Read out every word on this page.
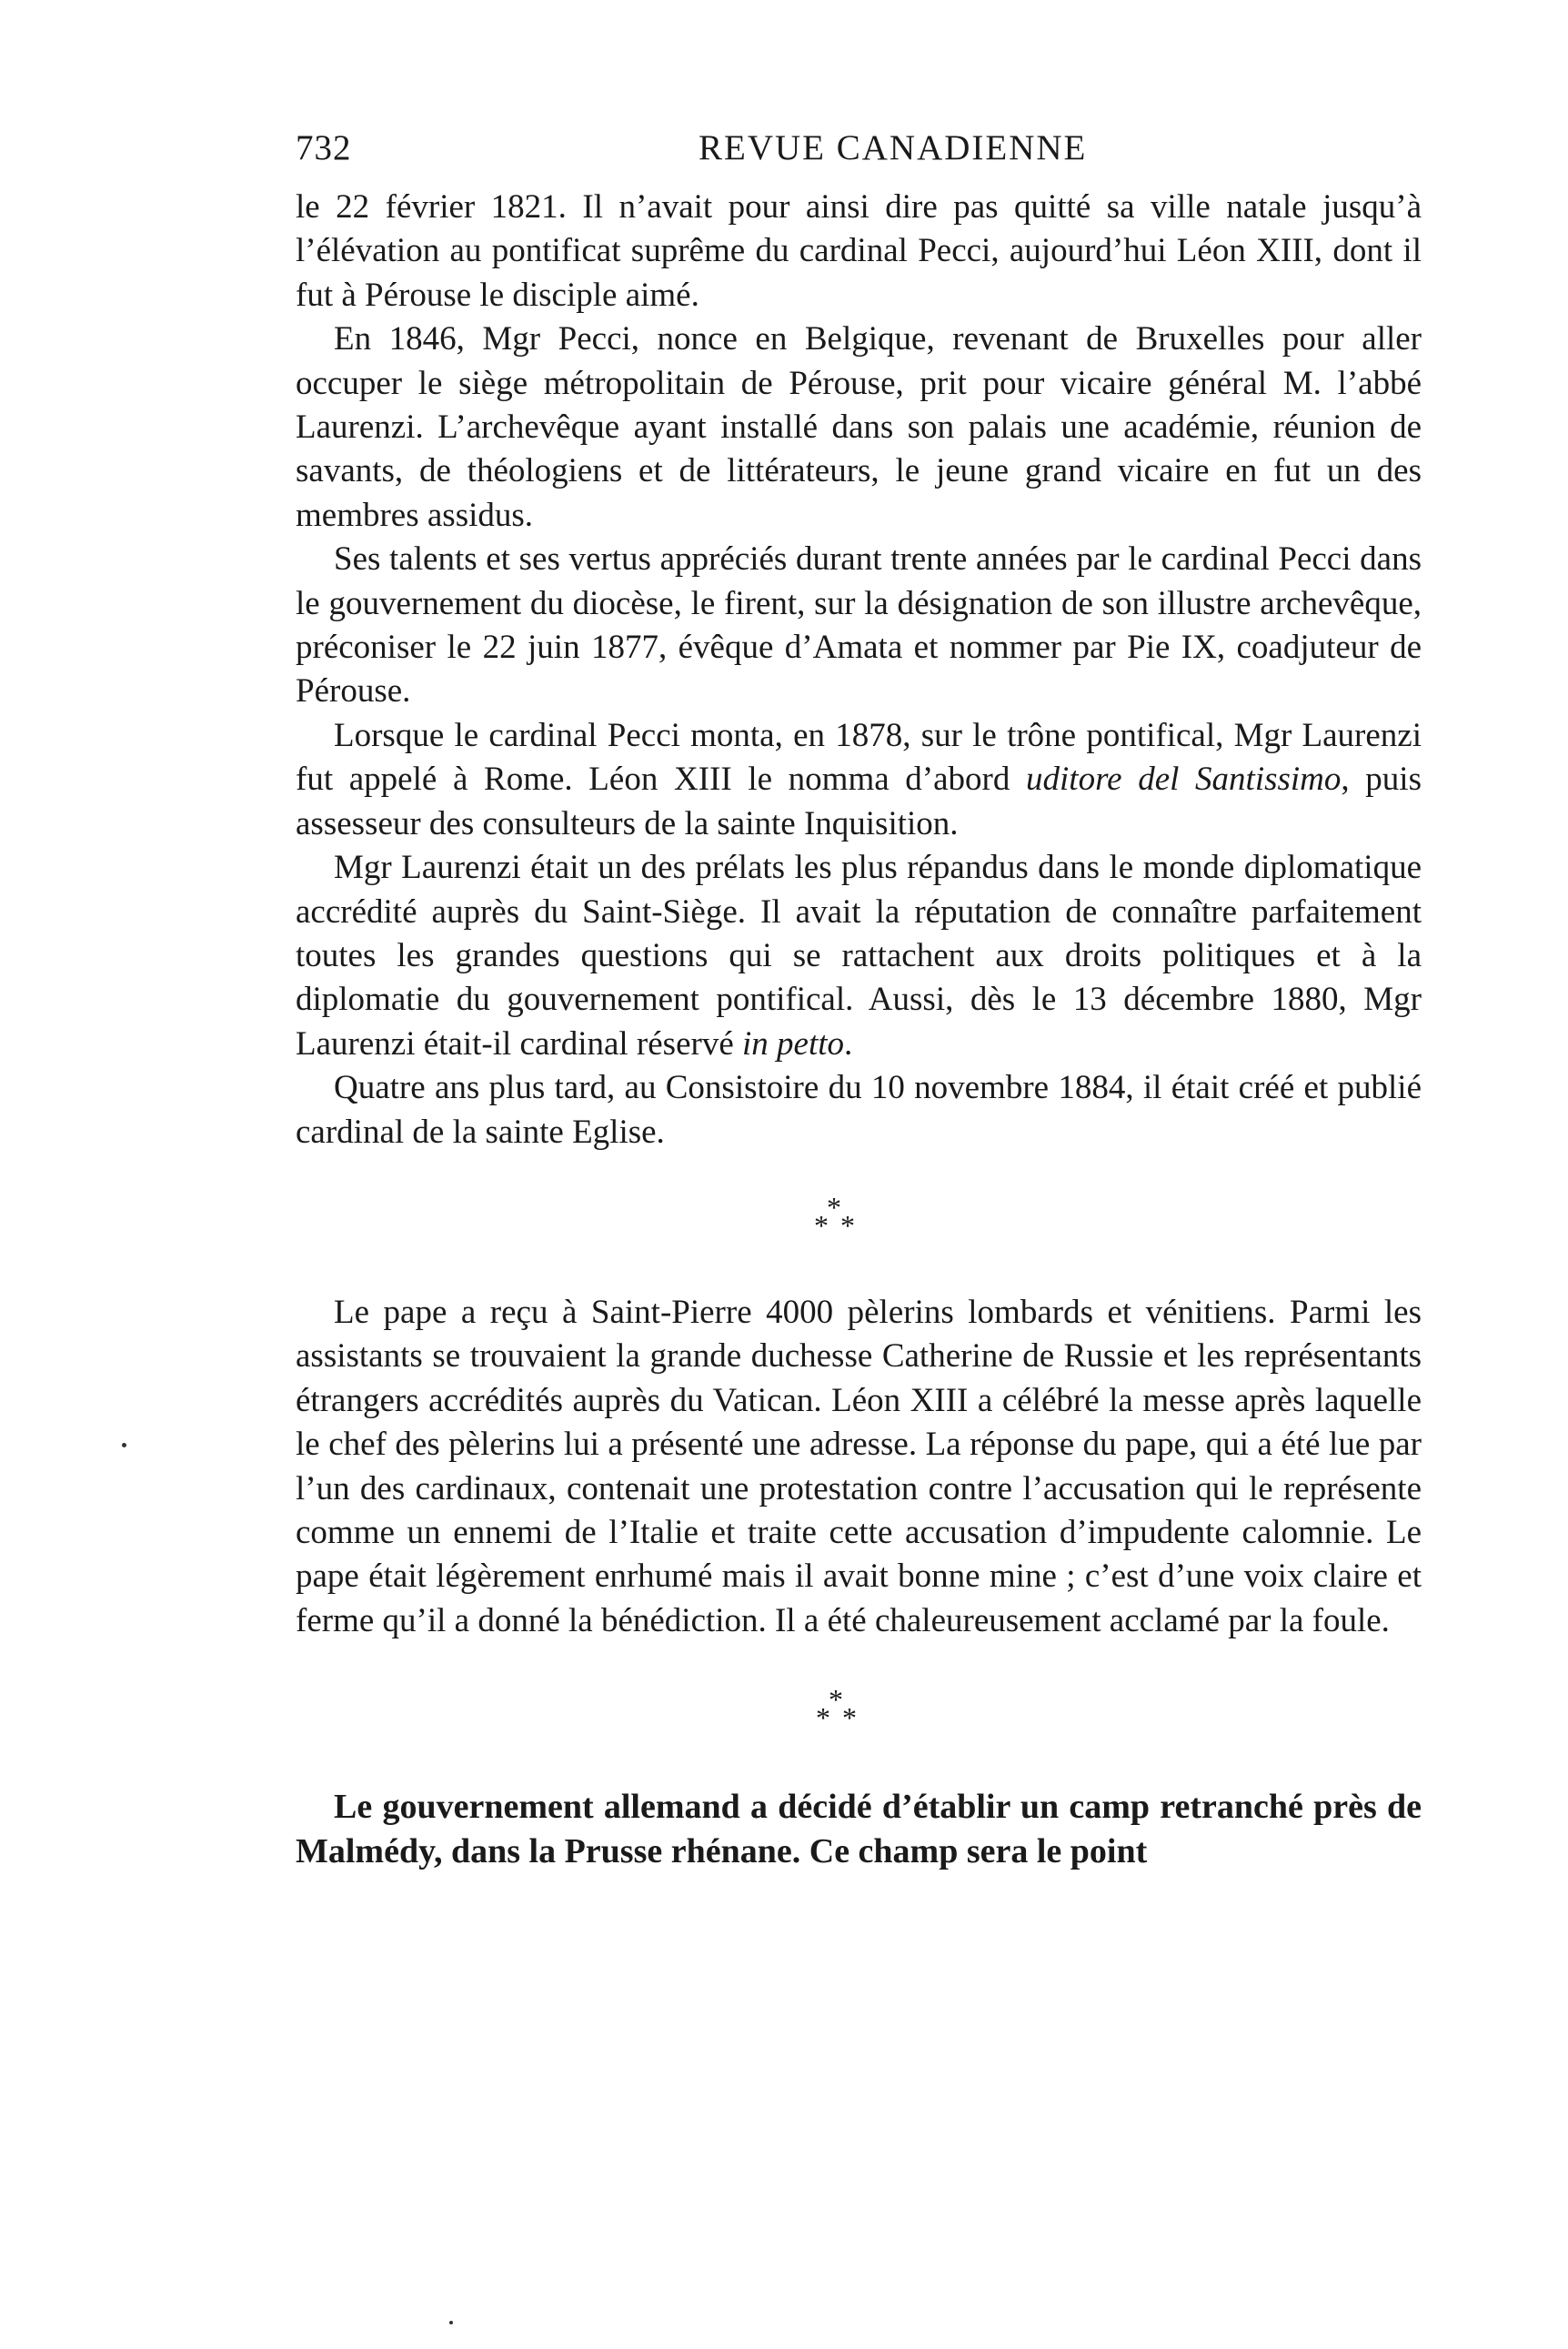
732	REVUE CANADIENNE

le 22 février 1821. Il n’avait pour ainsi dire pas quitté sa ville natale jusqu’à l’élévation au pontificat suprême du cardinal Pecci, aujourd’hui Léon XIII, dont il fut à Pérouse le disciple aimé.

En 1846, Mgr Pecci, nonce en Belgique, revenant de Bruxelles pour aller occuper le siège métropolitain de Pérouse, prit pour vicaire général M. l’abbé Laurenzi. L’archevêque ayant installé dans son palais une académie, réunion de savants, de théologiens et de littérateurs, le jeune grand vicaire en fut un des membres assidus.

Ses talents et ses vertus appréciés durant trente années par le cardinal Pecci dans le gouvernement du diocèse, le firent, sur la désignation de son illustre archevêque, préconiser le 22 juin 1877, évêque d’Amata et nommer par Pie IX, coadjuteur de Pérouse.

Lorsque le cardinal Pecci monta, en 1878, sur le trône pontifical, Mgr Laurenzi fut appelé à Rome. Léon XIII le nomma d’abord uditore del Santissimo, puis assesseur des consulteurs de la sainte Inquisition.

Mgr Laurenzi était un des prélats les plus répandus dans le monde diplomatique accrédité auprès du Saint-Siège. Il avait la réputation de connaître parfaitement toutes les grandes questions qui se rattachent aux droits politiques et à la diplomatie du gouvernement pontifical. Aussi, dès le 13 décembre 1880, Mgr Laurenzi était-il cardinal réservé in petto.

Quatre ans plus tard, au Consistoire du 10 novembre 1884, il était créé et publié cardinal de la sainte Eglise.

*
* *

Le pape a reçu à Saint-Pierre 4000 pèlerins lombards et vénitiens. Parmi les assistants se trouvaient la grande duchesse Catherine de Russie et les représentants étrangers accrédités auprès du Vatican. Léon XIII a célébré la messe après laquelle le chef des pèlerins lui a présenté une adresse. La réponse du pape, qui a été lue par l’un des cardinaux, contenait une protestation contre l’accusation qui le représente comme un ennemi de l’Italie et traite cette accusation d’impudente calomnie. Le pape était légèrement enrhumé mais il avait bonne mine ; c’est d’une voix claire et ferme qu’il a donné la bénédiction. Il a été chaleureusement acclamé par la foule.

*
* *

Le gouvernement allemand a décidé d’établir un camp retranché près de Malmédy, dans la Prusse rhénane. Ce champ sera le point
